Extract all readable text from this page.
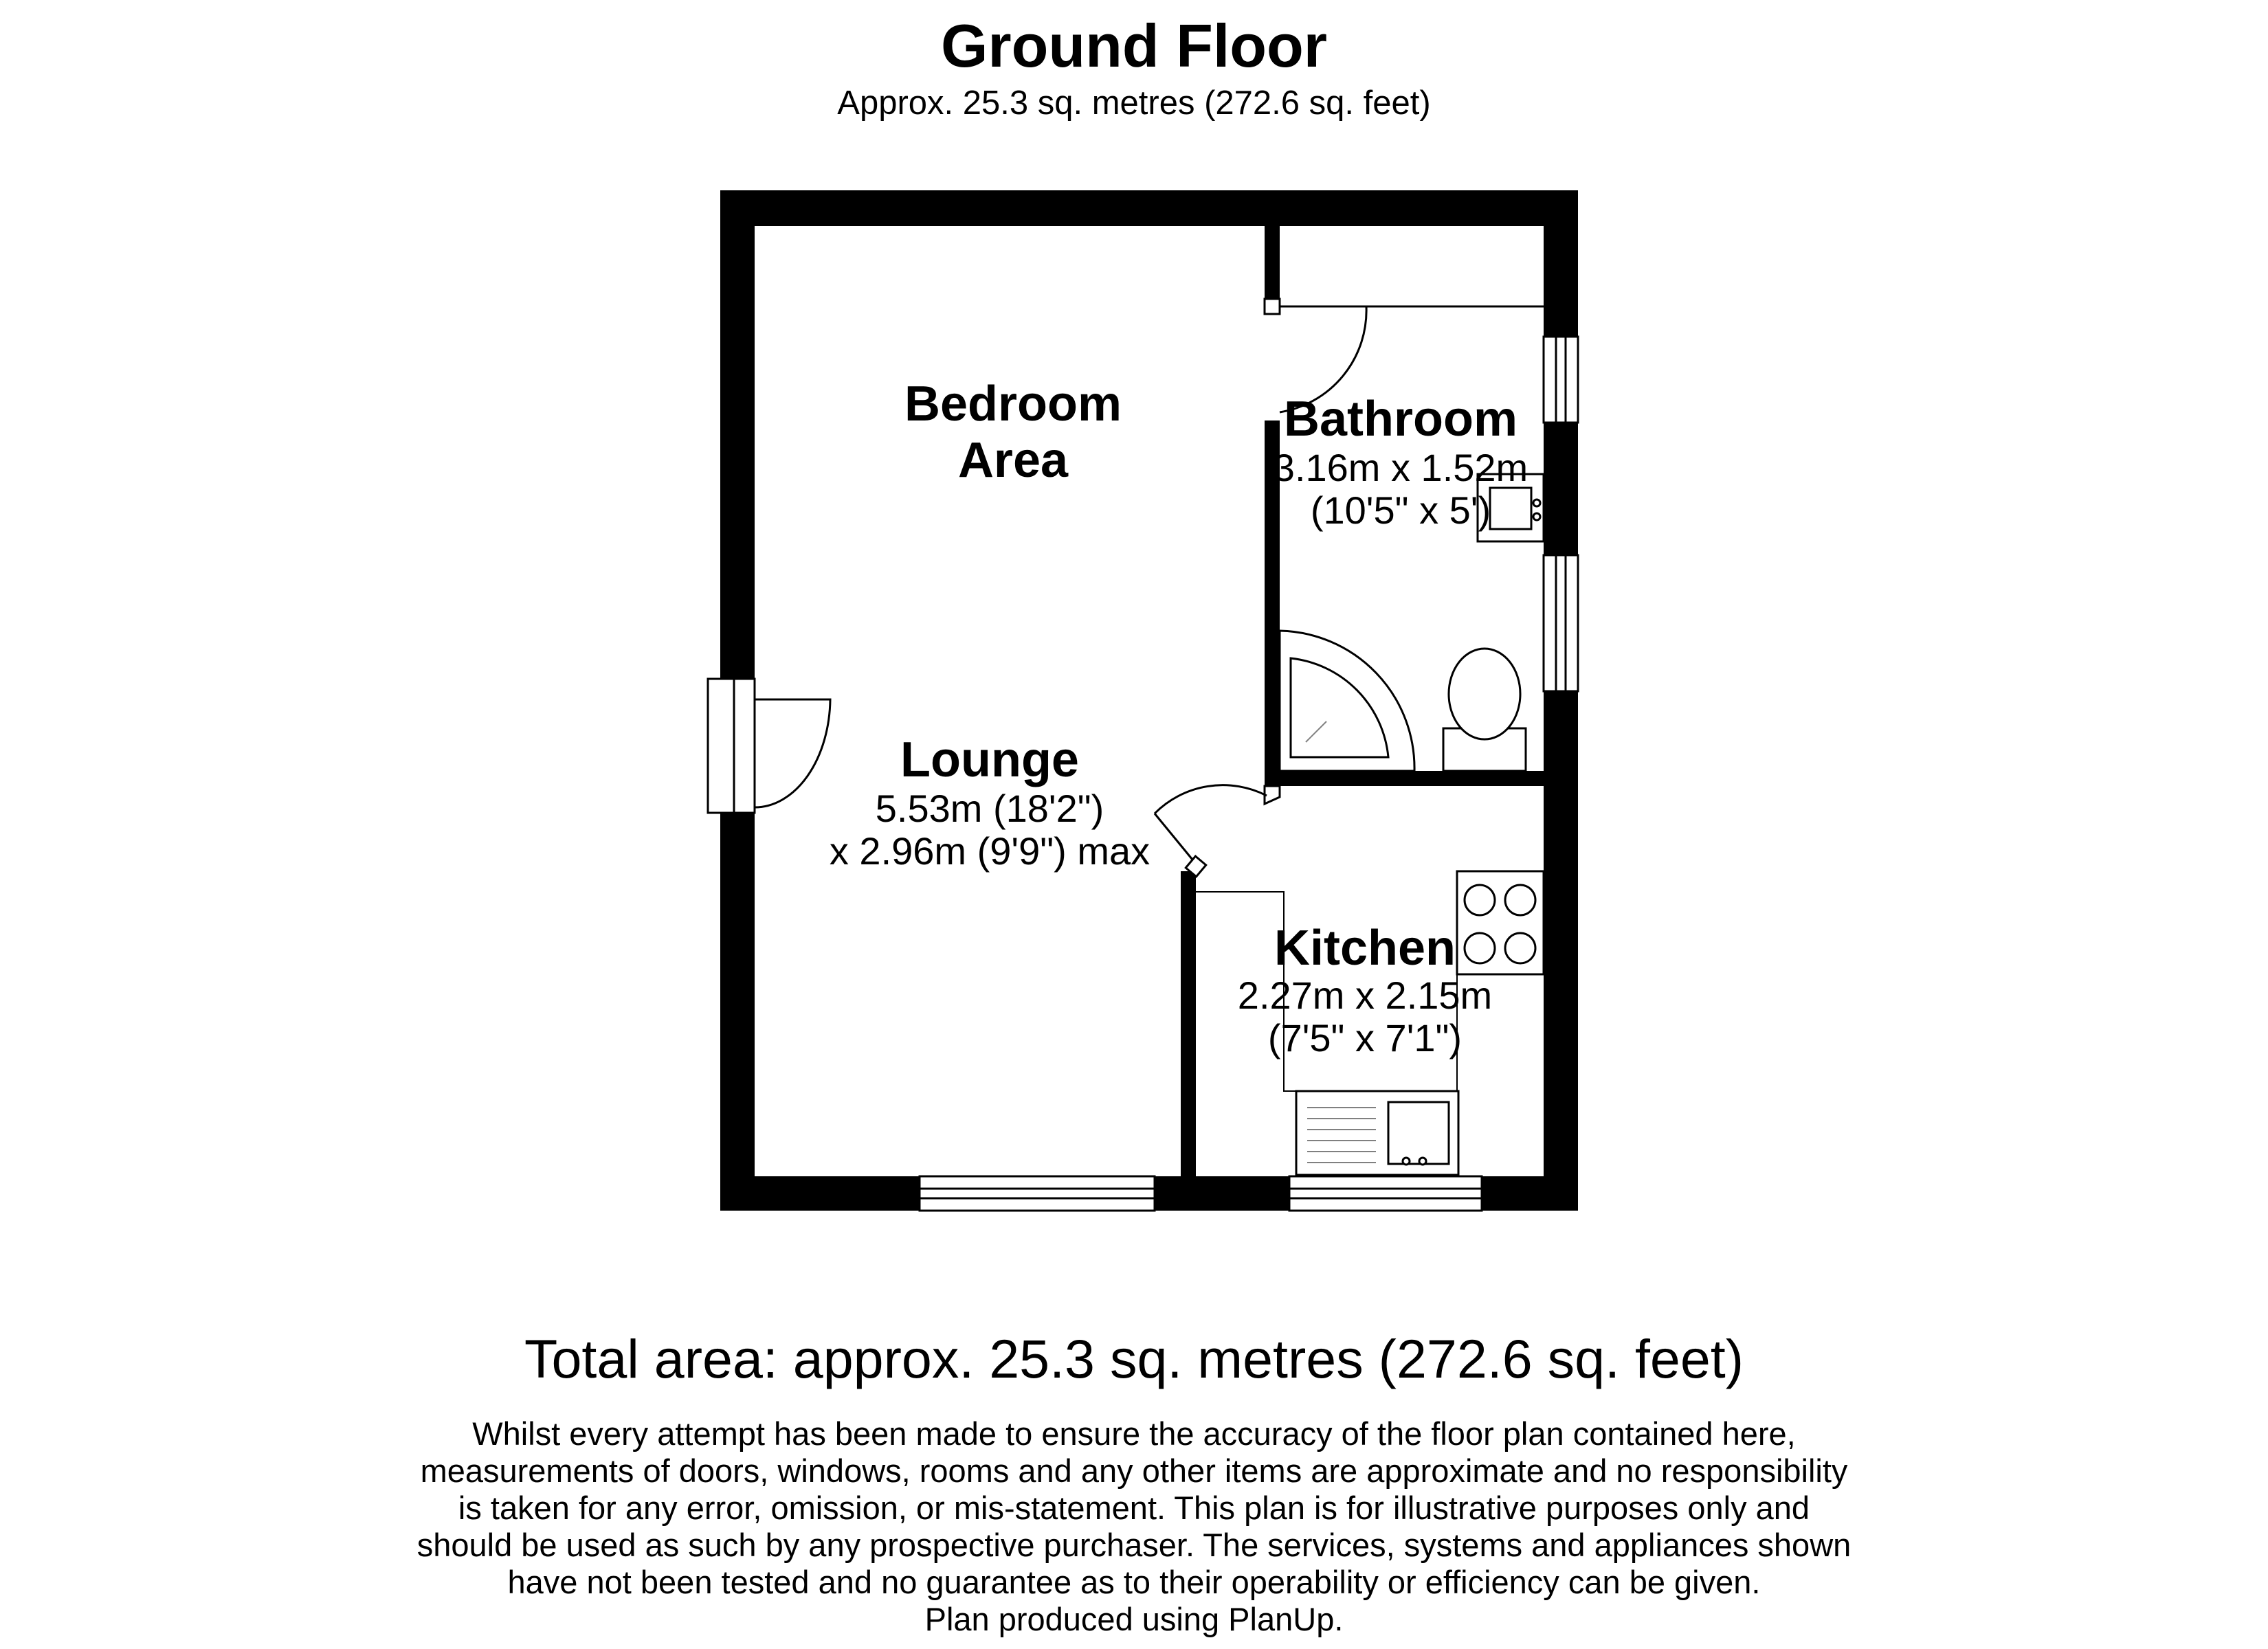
Ground Floor
Approx. 25.3 sq. metres (272.6 sq. feet)
Bedroom
Area
Bathroom
3.16m x 1.52m
(10'5" x 5')
Lounge
5.53m (18'2")
x 2.96m (9'9") max
Kitchen
2.27m x 2.15m
(7'5" x 7'1")
Total area: approx. 25.3 sq. metres (272.6 sq. feet)
Whilst every attempt has been made to ensure the accuracy of the floor plan contained here,
measurements of doors, windows, rooms and any other items are approximate and no responsibility
is taken for any error, omission, or mis-statement. This plan is for illustrative purposes only and
should be used as such by any prospective purchaser. The services, systems and appliances shown
have not been tested and no guarantee as to their operability or efficiency can be given.
Plan produced using PlanUp.
